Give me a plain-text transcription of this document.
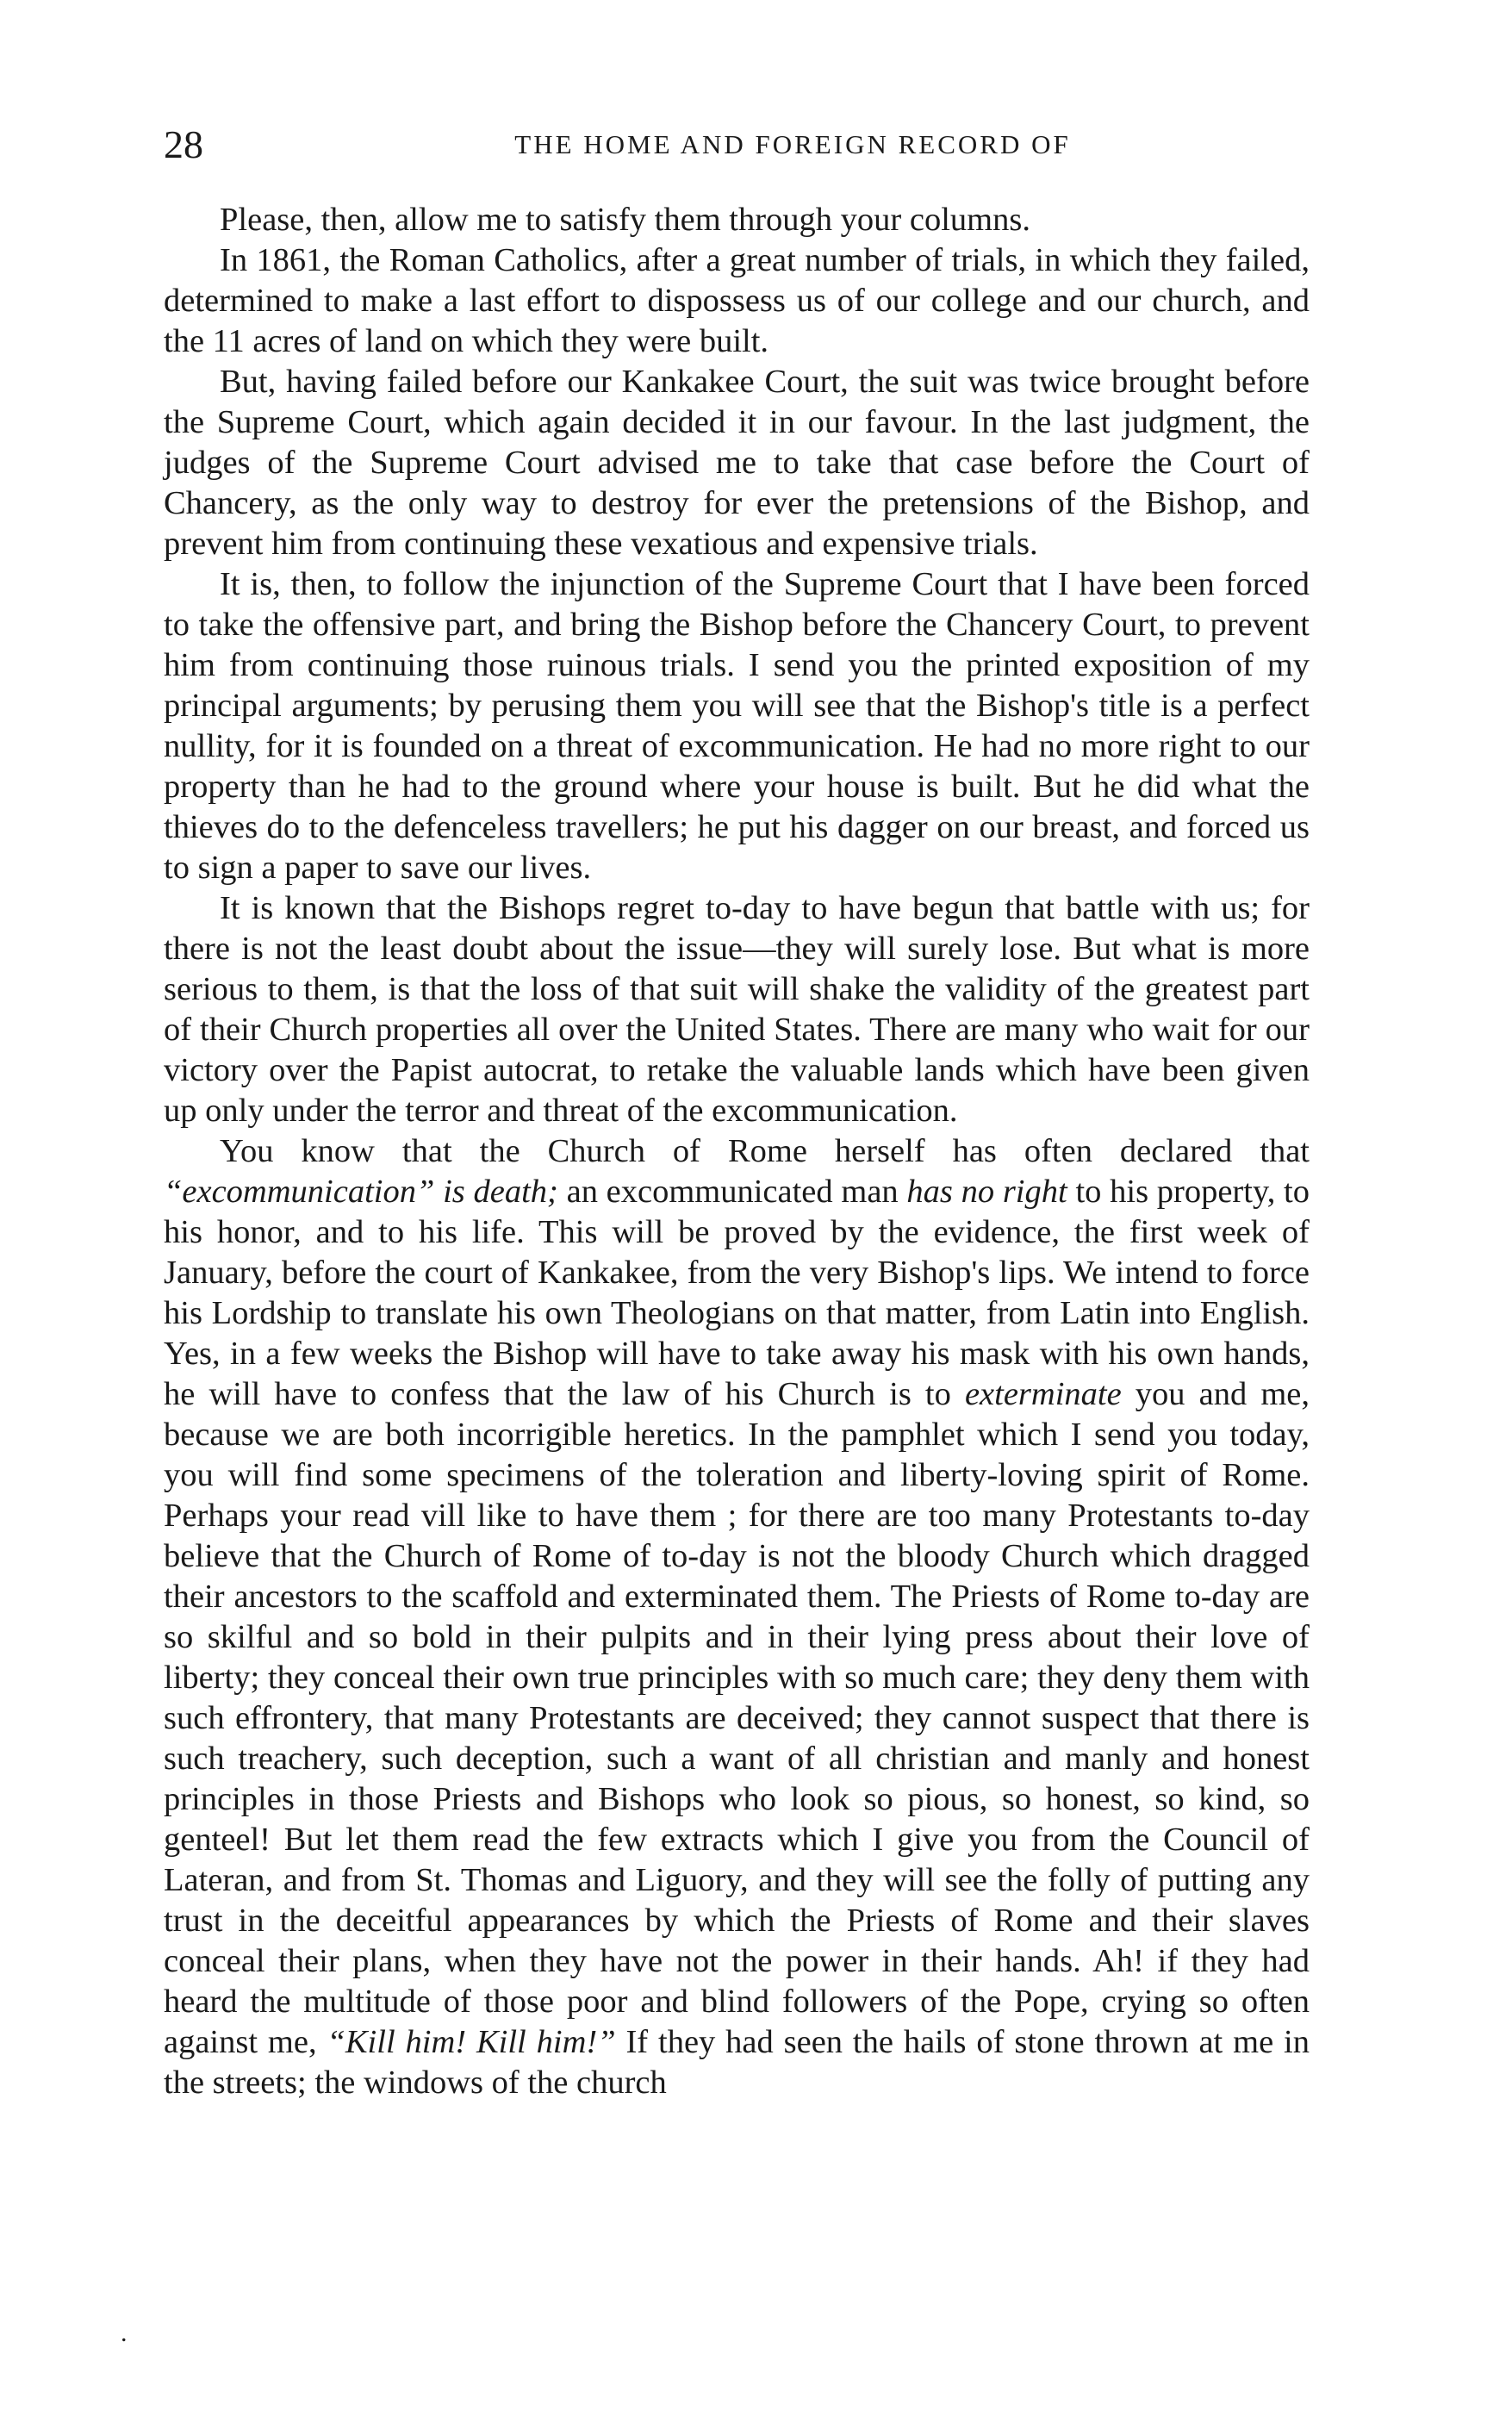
28	THE HOME AND FOREIGN RECORD OF

Please, then, allow me to satisfy them through your columns.

In 1861, the Roman Catholics, after a great number of trials, in which they failed, determined to make a last effort to dispossess us of our college and our church, and the 11 acres of land on which they were built.

But, having failed before our Kankakee Court, the suit was twice brought before the Supreme Court, which again decided it in our favour. In the last judgment, the judges of the Supreme Court advised me to take that case before the Court of Chancery, as the only way to destroy for ever the pretensions of the Bishop, and prevent him from continuing these vexatious and expensive trials.

It is, then, to follow the injunction of the Supreme Court that I have been forced to take the offensive part, and bring the Bishop before the Chancery Court, to prevent him from continuing those ruinous trials. I send you the printed exposition of my principal arguments; by perusing them you will see that the Bishop's title is a perfect nullity, for it is founded on a threat of excommunication. He had no more right to our property than he had to the ground where your house is built. But he did what the thieves do to the defenceless travellers; he put his dagger on our breast, and forced us to sign a paper to save our lives.

It is known that the Bishops regret to-day to have begun that battle with us; for there is not the least doubt about the issue—they will surely lose. But what is more serious to them, is that the loss of that suit will shake the validity of the greatest part of their Church properties all over the United States. There are many who wait for our victory over the Papist autocrat, to retake the valuable lands which have been given up only under the terror and threat of the excommunication.

You know that the Church of Rome herself has often declared that “excommunication” is death; an excommunicated man has no right to his property, to his honor, and to his life. This will be proved by the evidence, the first week of January, before the court of Kankakee, from the very Bishop's lips. We intend to force his Lordship to translate his own Theologians on that matter, from Latin into English. Yes, in a few weeks the Bishop will have to take away his mask with his own hands, he will have to confess that the law of his Church is to exterminate you and me, because we are both incorrigible heretics. In the pamphlet which I send you today, you will find some specimens of the toleration and liberty-loving spirit of Rome. Perhaps your read vill like to have them ; for there are too many Protestants to-day believe that the Church of Rome of to-day is not the bloody Church which dragged their ancestors to the scaffold and exterminated them. The Priests of Rome to-day are so skilful and so bold in their pulpits and in their lying press about their love of liberty; they conceal their own true principles with so much care; they deny them with such effrontery, that many Protestants are deceived; they cannot suspect that there is such treachery, such deception, such a want of all christian and manly and honest principles in those Priests and Bishops who look so pious, so honest, so kind, so genteel! But let them read the few extracts which I give you from the Council of Lateran, and from St. Thomas and Liguory, and they will see the folly of putting any trust in the deceitful appearances by which the Priests of Rome and their slaves conceal their plans, when they have not the power in their hands. Ah! if they had heard the multitude of those poor and blind followers of the Pope, crying so often against me, “Kill him! Kill him!” If they had seen the hails of stone thrown at me in the streets; the windows of the church

.
